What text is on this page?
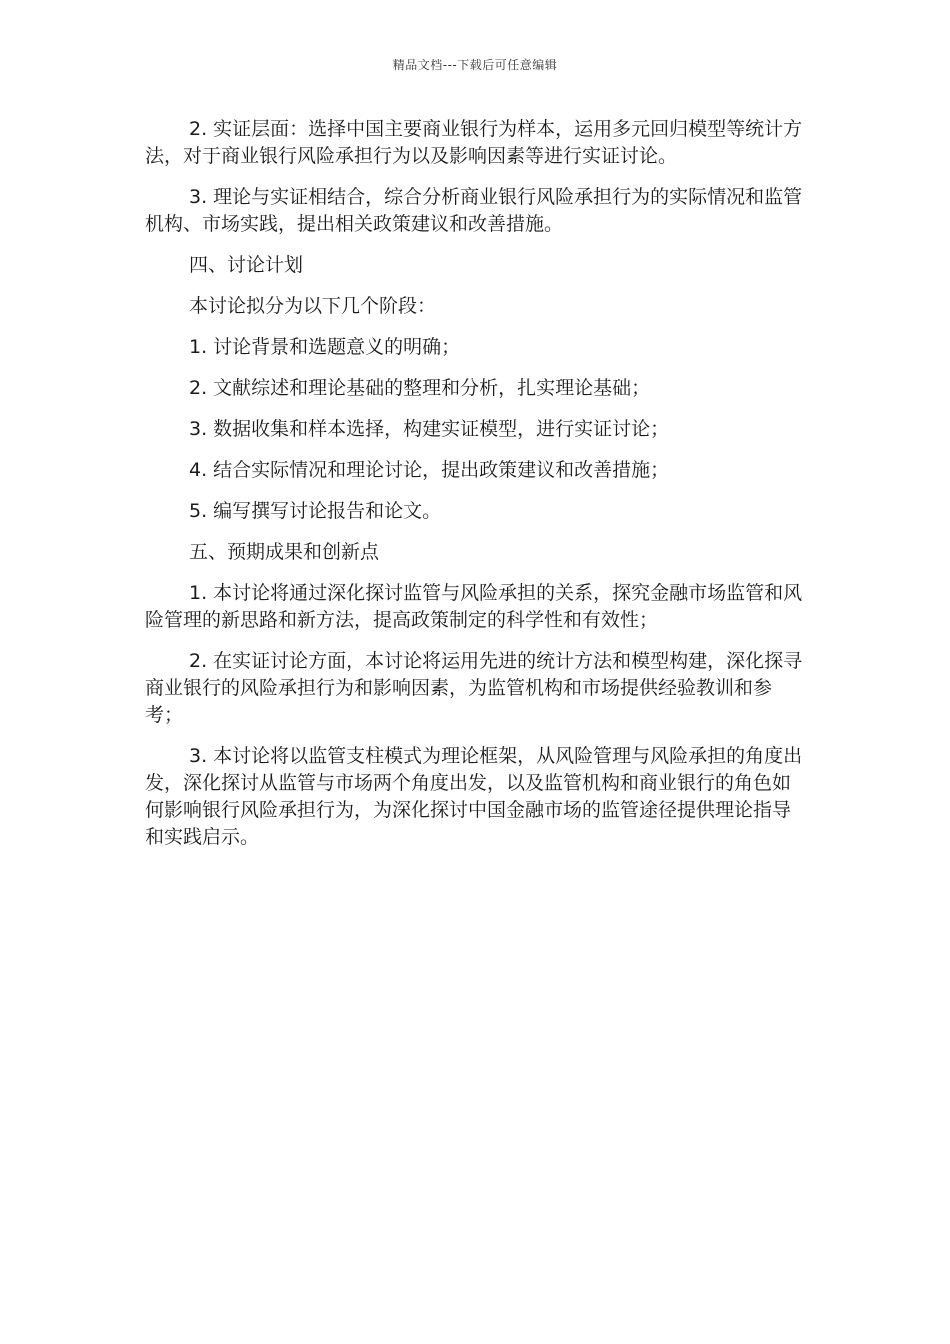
精品文档---下载后可任意编辑

2. 实证层面：选择中国主要商业银行为样本，运用多元回归模型等统计方法，对于商业银行风险承担行为以及影响因素等进行实证讨论。

3. 理论与实证相结合，综合分析商业银行风险承担行为的实际情况和监管机构、市场实践，提出相关政策建议和改善措施。

四、讨论计划

本讨论拟分为以下几个阶段：

1. 讨论背景和选题意义的明确；

2. 文献综述和理论基础的整理和分析，扎实理论基础；

3. 数据收集和样本选择，构建实证模型，进行实证讨论；

4. 结合实际情况和理论讨论，提出政策建议和改善措施；

5. 编写撰写讨论报告和论文。

五、预期成果和创新点

1. 本讨论将通过深化探讨监管与风险承担的关系，探究金融市场监管和风险管理的新思路和新方法，提高政策制定的科学性和有效性；

2. 在实证讨论方面，本讨论将运用先进的统计方法和模型构建，深化探寻商业银行的风险承担行为和影响因素，为监管机构和市场提供经验教训和参考；

3. 本讨论将以监管支柱模式为理论框架，从风险管理与风险承担的角度出发，深化探讨从监管与市场两个角度出发，以及监管机构和商业银行的角色如何影响银行风险承担行为，为深化探讨中国金融市场的监管途径提供理论指导和实践启示。
